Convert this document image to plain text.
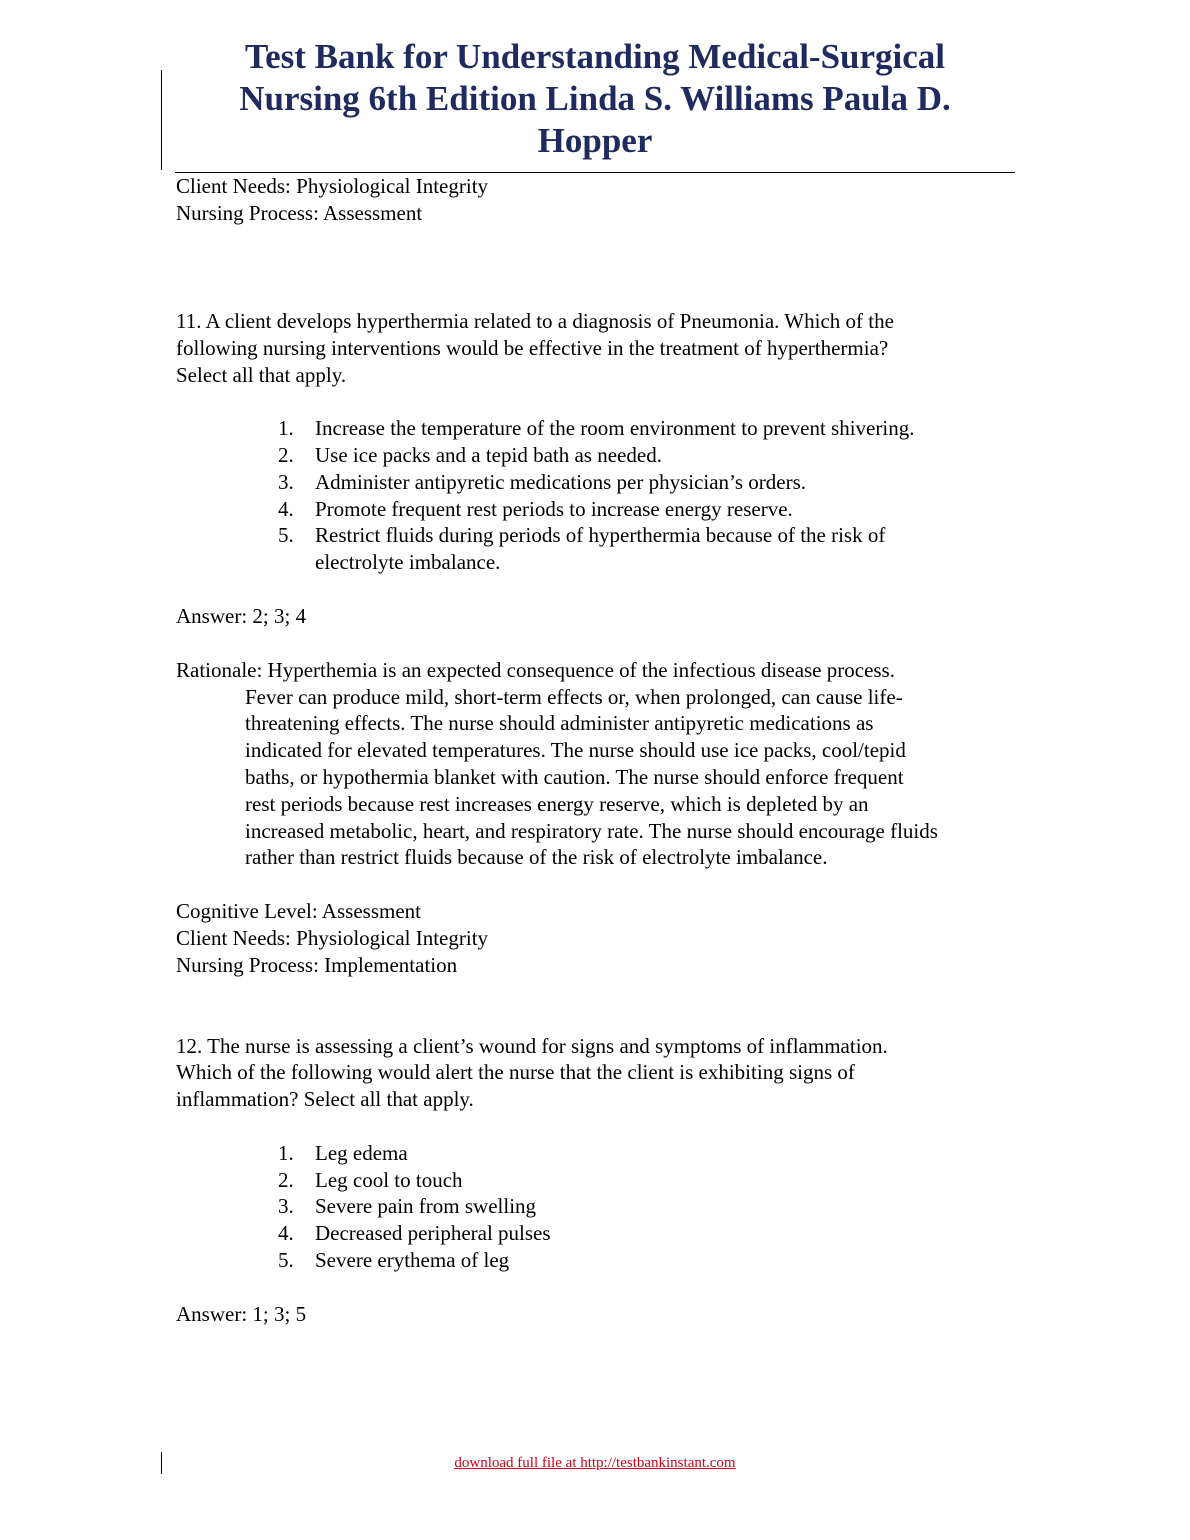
Test Bank for Understanding Medical-Surgical
Nursing 6th Edition Linda S. Williams Paula D.
Hopper
Client Needs: Physiological Integrity
Nursing Process: Assessment
11. A client develops hyperthermia related to a diagnosis of Pneumonia. Which of the
following nursing interventions would be effective in the treatment of hyperthermia?
Select all that apply.
1. Increase the temperature of the room environment to prevent shivering.
2. Use ice packs and a tepid bath as needed.
3. Administer antipyretic medications per physician’s orders.
4. Promote frequent rest periods to increase energy reserve.
5. Restrict fluids during periods of hyperthermia because of the risk of
electrolyte imbalance.
Answer: 2; 3; 4
Rationale: Hyperthemia is an expected consequence of the infectious disease process.
Fever can produce mild, short-term effects or, when prolonged, can cause life-
threatening effects. The nurse should administer antipyretic medications as
indicated for elevated temperatures. The nurse should use ice packs, cool/tepid
baths, or hypothermia blanket with caution. The nurse should enforce frequent
rest periods because rest increases energy reserve, which is depleted by an
increased metabolic, heart, and respiratory rate. The nurse should encourage fluids
rather than restrict fluids because of the risk of electrolyte imbalance.
Cognitive Level: Assessment
Client Needs: Physiological Integrity
Nursing Process: Implementation
12. The nurse is assessing a client’s wound for signs and symptoms of inflammation.
Which of the following would alert the nurse that the client is exhibiting signs of
inflammation? Select all that apply.
1. Leg edema
2. Leg cool to touch
3. Severe pain from swelling
4. Decreased peripheral pulses
5. Severe erythema of leg
Answer: 1; 3; 5
download full file at http://testbankinstant.com
